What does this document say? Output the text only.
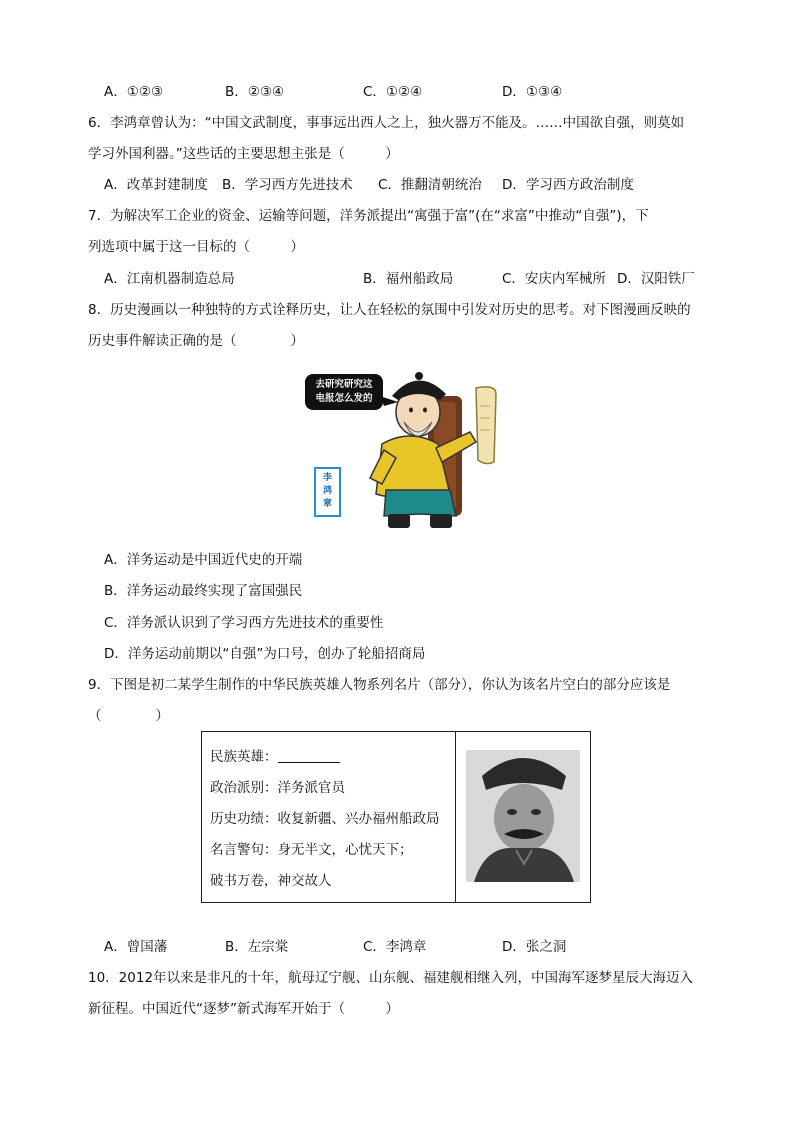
A．①②③	B．②③④	C．①②④	D．①③④
6．李鸿章曾认为：“中国文武制度，事事远出西人之上，独火器万不能及。……中国欲自强，则莫如
学习外国利器。”这些话的主要思想主张是（　　　）
A．改革封建制度 B．学习西方先进技术 C．推翻清朝统治 D．学习西方政治制度
7．为解决军工企业的资金、运输等问题，洋务派提出“寓强于富”(在“求富”中推动“自强”)，下
列选项中属于这一目标的（　　　）
A．江南机器制造总局	B．福州船政局	C．安庆内军械所 D．汉阳铁厂
8．历史漫画以一种独特的方式诠释历史，让人在轻松的氛围中引发对历史的思考。对下图漫画反映的
历史事件解读正确的是（　　　　）
去研究研究这
电报怎么发的
李
鸿
章
A．洋务运动是中国近代史的开端
B．洋务运动最终实现了富国强民
C．洋务派认识到了学习西方先进技术的重要性
D．洋务运动前期以“自强”为口号，创办了轮船招商局
9．下图是初二某学生制作的中华民族英雄人物系列名片（部分），你认为该名片空白的部分应该是
（　　　　）
民族英雄：
政治派别：洋务派官员
历史功绩：收复新疆、兴办福州船政局
名言警句：身无半文，心忧天下；
破书万卷，神交故人

A．曾国藩	B．左宗棠	C．李鸿章	D．张之洞
10．2012年以来是非凡的十年，航母辽宁舰、山东舰、福建舰相继入列，中国海军逐梦星辰大海迈入
新征程。中国近代“逐梦”新式海军开始于（　　　）
